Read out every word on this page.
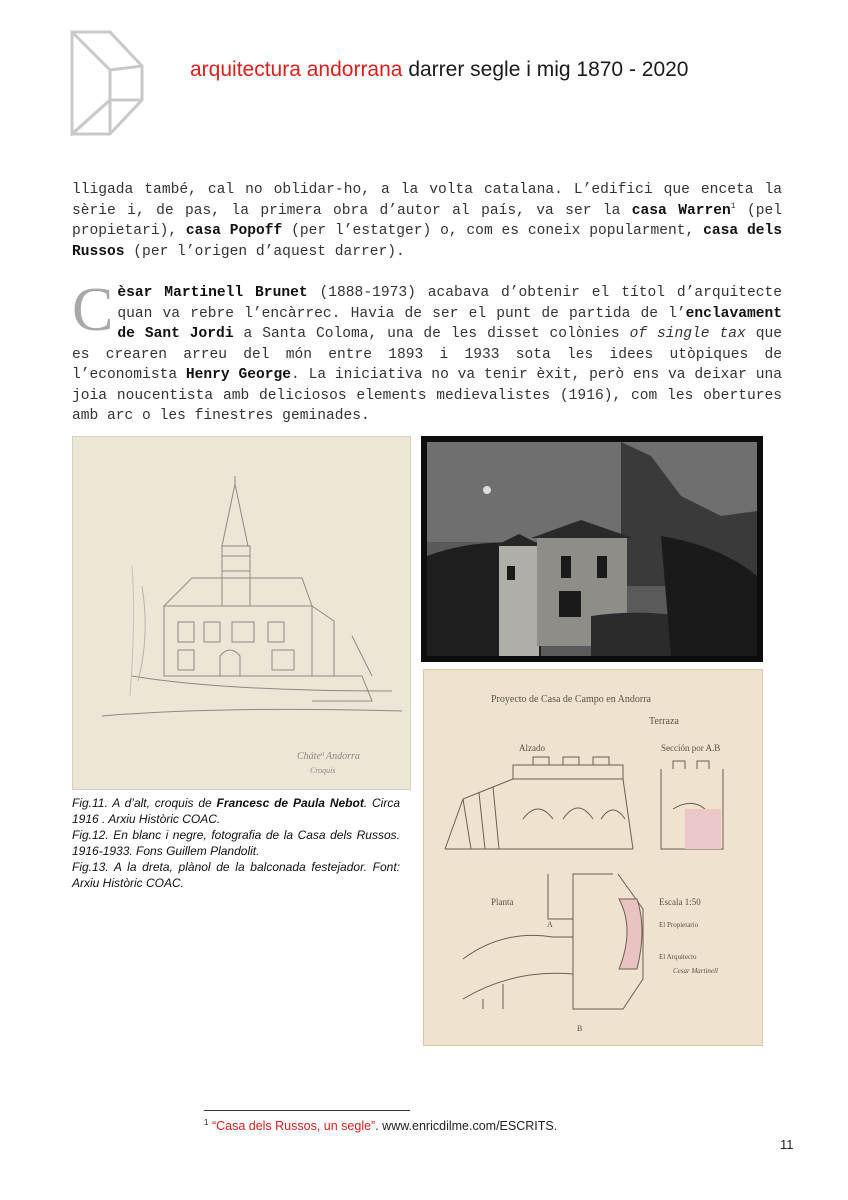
arquitectura andorrana darrer segle i mig 1870 - 2020
lligada també, cal no oblidar-ho, a la volta catalana. L’edifici que enceta la sèrie i, de pas, la primera obra d’autor al país, va ser la casa Warren$^1$ (pel propietari), casa Popoff (per l’estatger) o, com es coneix popularment, casa dels Russos (per l’origen d’aquest darrer).
Cèsar Martinell Brunet (1888-1973) acabava d’obtenir el títol d’arquitecte quan va rebre l’encàrrec. Havia de ser el punt de partida de l’enclavament de Sant Jordi a Santa Coloma, una de les disset colònies of single tax que es crearen arreu del món entre 1893 i 1933 sota les idees utòpiques de l’economista Henry George. La iniciativa no va tenir èxit, però ens va deixar una joia noucentista amb deliciosos elements medievalistes (1916), com les obertures amb arc o les finestres geminades.
Cháteª Andorra
Croquis
Proyecto de Casa de Campo en Andorra
Terraza
Alzado	Sección por A.B
Planta	Escala 1:50
El Propietario
El Arquitecto
Cesar Martinell
A
B

Fig.11. A d’alt, croquis de Francesc de Paula Nebot. Circa 1916 . Arxiu Històric COAC.

Fig.12. En blanc i negre, fotografia de la Casa dels Russos. 1916-1933. Fons Guillem Plandolit.

Fig.13. A la dreta, plànol de la balconada festejador. Font: Arxiu Històric COAC.

$^1$ “Casa dels Russos, un segle”. www.enricdilme.com/ESCRITS.
11
